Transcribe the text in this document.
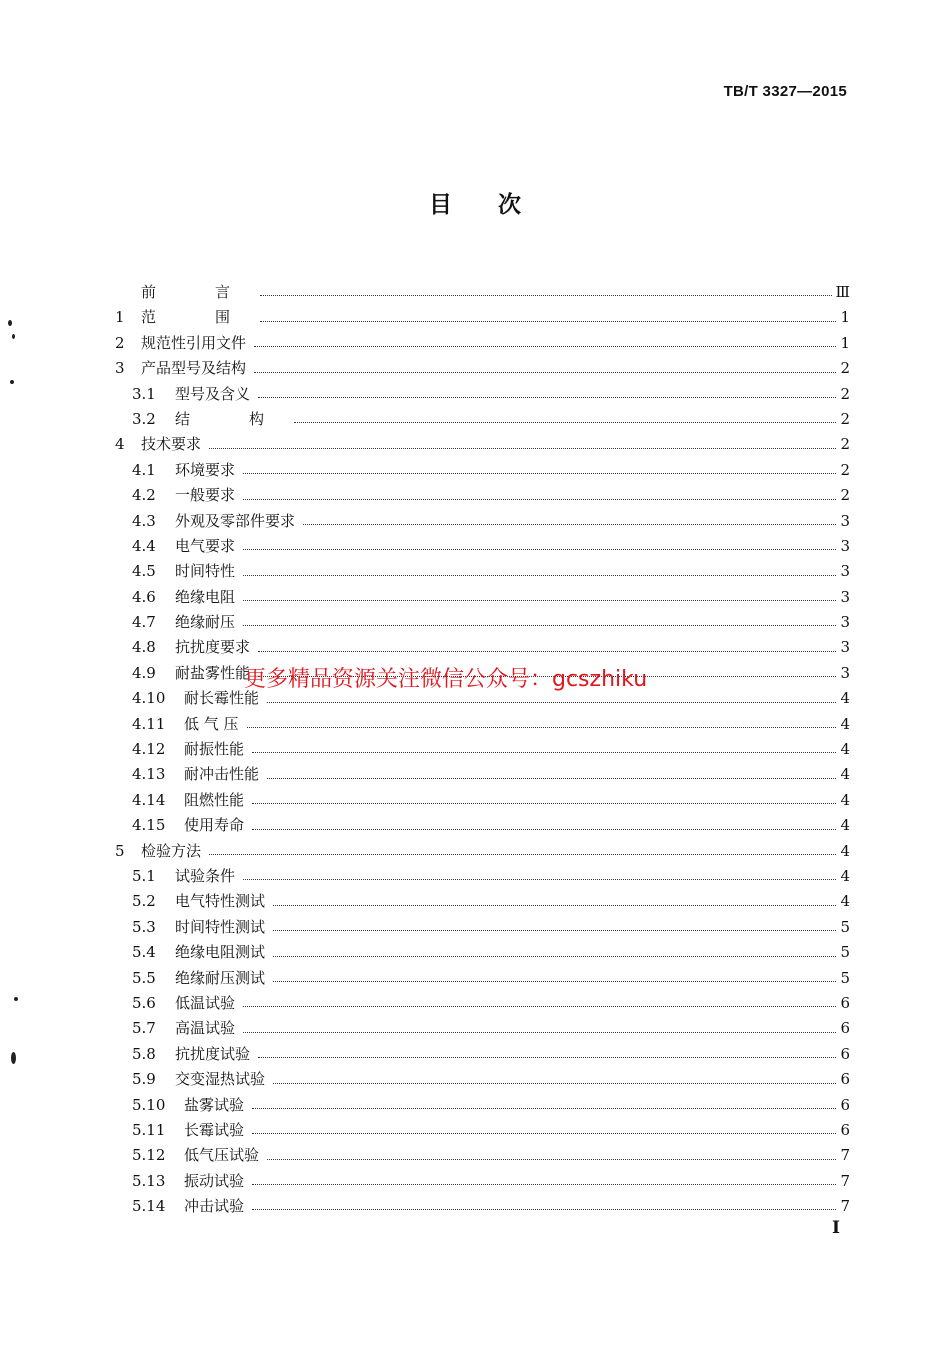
TB/T 3327—2015
目次
前　言	Ⅲ
1	范　围	1
2	规范性引用文件	1
3	产品型号及结构	2
3.1	型号及含义	2
3.2	结　构	2
4	技术要求	2
4.1	环境要求	2
4.2	一般要求	2
4.3	外观及零部件要求	3
4.4	电气要求	3
4.5	时间特性	3
4.6	绝缘电阻	3
4.7	绝缘耐压	3
4.8	抗扰度要求	3
4.9	耐盐雾性能	3
4.10	耐长霉性能	4
4.11	低 气 压	4
4.12	耐振性能	4
4.13	耐冲击性能	4
4.14	阻燃性能	4
4.15	使用寿命	4
5	检验方法	4
5.1	试验条件	4
5.2	电气特性测试	4
5.3	时间特性测试	5
5.4	绝缘电阻测试	5
5.5	绝缘耐压测试	5
5.6	低温试验	6
5.7	高温试验	6
5.8	抗扰度试验	6
5.9	交变湿热试验	6
5.10	盐雾试验	6
5.11	长霉试验	6
5.12	低气压试验	7
5.13	振动试验	7
5.14	冲击试验	7
更多精品资源关注微信公众号：gcszhiku
I
